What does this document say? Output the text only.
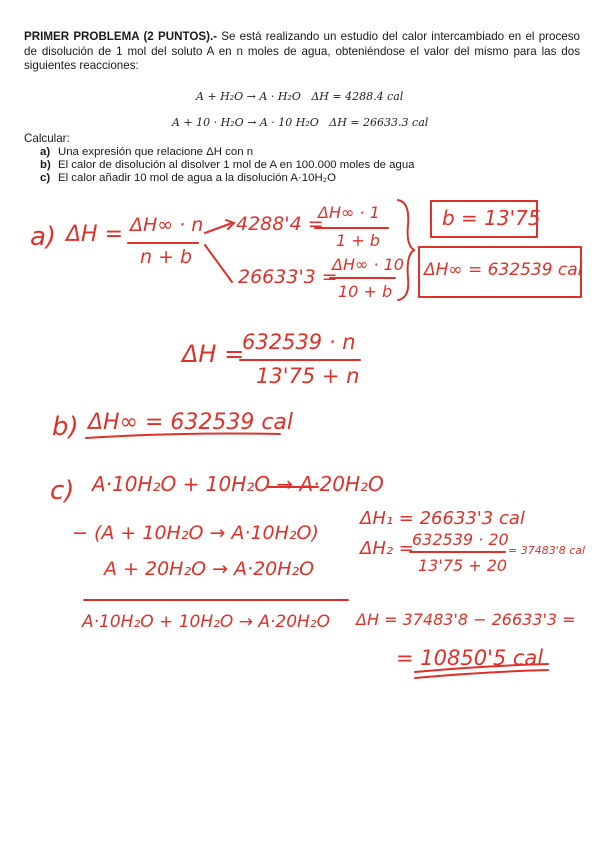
PRIMER PROBLEMA (2 PUNTOS).- Se está realizando un estudio del calor intercambiado en el proceso de disolución de 1 mol del soluto A en n moles de agua, obteniéndose el valor del mismo para las dos siguientes reacciones:
A + H₂O → A · H₂O   ΔH = 4288.4 cal
A + 10 · H₂O → A · 10 H₂O   ΔH = 26633.3 cal
Calcular:
a) Una expresión que relacione ΔH con n
b) El calor de disolución al disolver 1 mol de A en 100.000 moles de agua
c) El calor añadir 10 mol de agua a la disolución A·10H₂O
a) ΔH = ΔH∞ · n
n + b
4288'4 =
ΔH∞ · 1
1 + b
26633'3 =
ΔH∞ · 10
10 + b
b = 13'75
ΔH∞ = 632539 cal
ΔH =
632539 · n
13'75 + n
b) ΔH∞ = 632539 cal
c) A·10H₂O + 10H₂O → A·20H₂O
− (A + 10H₂O → A·10H₂O)
ΔH₁ = 26633'3 cal
A + 20H₂O → A·20H₂O
ΔH₂ =
632539 · 20
13'75 + 20
= 37483'8 cal
A·10H₂O + 10H₂O → A·20H₂O ΔH = 37483'8 − 26633'3 =
= 10850'5 cal
